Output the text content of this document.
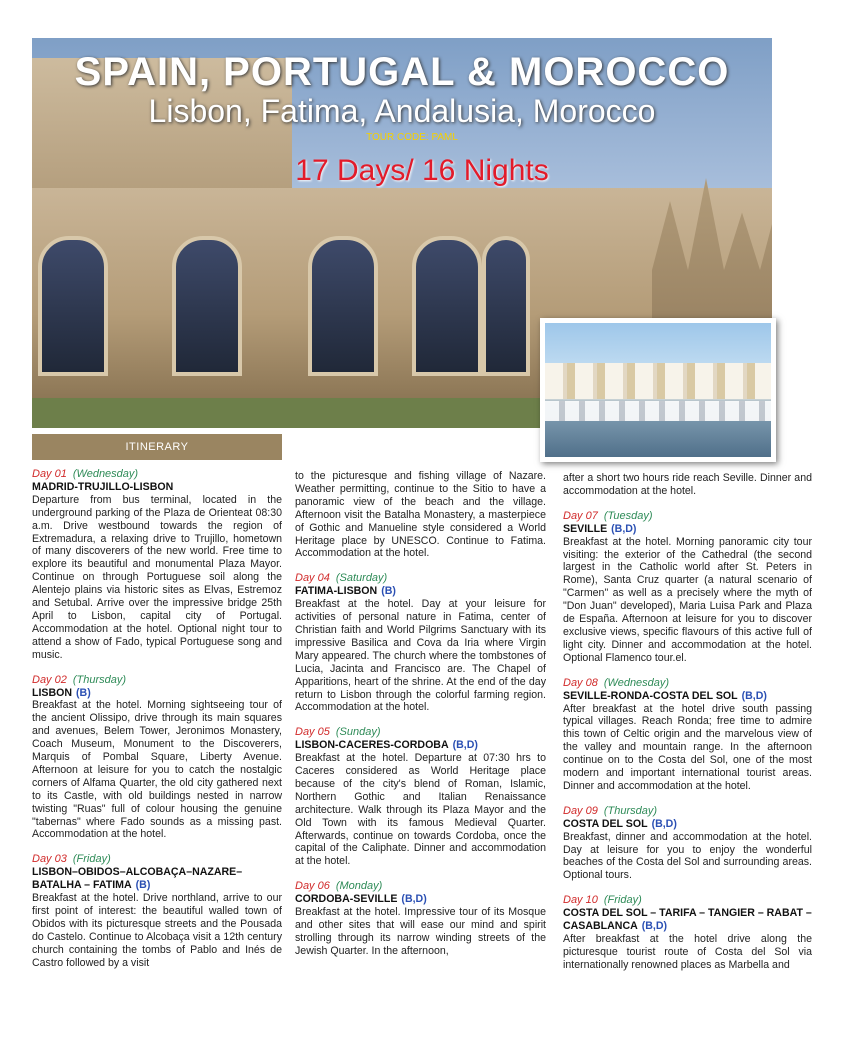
SPAIN, PORTUGAL & MOROCCO
Lisbon, Fatima, Andalusia, Morocco
TOUR CODE: PAML
17 Days/ 16 Nights
ITINERARY
Day 01 (Wednesday)
MADRID-TRUJILLO-LISBON

Departure from bus terminal, located in the underground parking of the Plaza de Orienteat 08:30 a.m. Drive westbound towards the region of Extremadura, a relaxing drive to Trujillo, hometown of many discoverers of the new world. Free time to explore its beautiful and monumental Plaza Mayor. Continue on through Portuguese soil along the Alentejo plains via historic sites as Elvas, Estremoz and Setubal. Arrive over the impressive bridge 25th April to Lisbon, capital city of Portugal. Accommodation at the hotel. Optional night tour to attend a show of Fado, typical Portuguese song and music.

Day 02 (Thursday)
LISBON (B)

Breakfast at the hotel. Morning sightseeing tour of the ancient Olissipo, drive through its main squares and avenues, Belem Tower, Jeronimos Monastery, Coach Museum, Monument to the Discoverers, Marquis of Pombal Square, Liberty Avenue. Afternoon at leisure for you to catch the nostalgic corners of Alfama Quarter, the old city gathered next to its Castle, with old buildings nested in narrow twisting "Ruas" full of colour housing the genuine "tabernas" where Fado sounds as a missing past. Accommodation at the hotel.

Day 03 (Friday)
LISBON–OBIDOS–ALCOBAÇA–NAZARE–BATALHA – FATIMA (B)

Breakfast at the hotel. Drive northland, arrive to our first point of interest: the beautiful walled town of Obidos with its picturesque streets and the Pousada do Castelo. Continue to Alcobaça visit a 12th century church containing the tombs of Pablo and Inés de Castro followed by a visit

to the picturesque and fishing village of Nazare. Weather permitting, continue to the Sitio to have a panoramic view of the beach and the village. Afternoon visit the Batalha Monastery, a masterpiece of Gothic and Manueline style considered a World Heritage place by UNESCO. Continue to Fatima. Accommodation at the hotel.

Day 04 (Saturday)
FATIMA-LISBON (B)

Breakfast at the hotel. Day at your leisure for activities of personal nature in Fatima, center of Christian faith and World Pilgrims Sanctuary with its impressive Basilica and Cova da Iria where Virgin Mary appeared. The church where the tombstones of Lucia, Jacinta and Francisco are. The Chapel of Apparitions, heart of the shrine. At the end of the day return to Lisbon through the colorful farming region. Accommodation at the hotel.

Day 05 (Sunday)
LISBON-CACERES-CORDOBA (B,D)

Breakfast at the hotel. Departure at 07:30 hrs to Caceres considered as World Heritage place because of the city's blend of Roman, Islamic, Northern Gothic and Italian Renaissance architecture. Walk through its Plaza Mayor and the Old Town with its famous Medieval Quarter. Afterwards, continue on towards Cordoba, once the capital of the Caliphate. Dinner and accommodation at the hotel.

Day 06 (Monday)
CORDOBA-SEVILLE (B,D)

Breakfast at the hotel. Impressive tour of its Mosque and other sites that will ease our mind and spirit strolling through its narrow winding streets of the Jewish Quarter. In the afternoon,

after a short two hours ride reach Seville. Dinner and accommodation at the hotel.

Day 07 (Tuesday)
SEVILLE (B,D)

Breakfast at the hotel. Morning panoramic city tour visiting: the exterior of the Cathedral (the second largest in the Catholic world after St. Peters in Rome), Santa Cruz quarter (a natural scenario of "Carmen" as well as a precisely where the myth of "Don Juan" developed), Maria Luisa Park and Plaza de España. Afternoon at leisure for you to discover exclusive views, specific flavours of this active full of light city. Dinner and accommodation at the hotel. Optional Flamenco tour.el.

Day 08 (Wednesday)
SEVILLE-RONDA-COSTA DEL SOL (B,D)

After breakfast at the hotel drive south passing typical villages. Reach Ronda; free time to admire this town of Celtic origin and the marvelous view of the valley and mountain range. In the afternoon continue on to the Costa del Sol, one of the most modern and important international tourist areas. Dinner and accommodation at the hotel.

Day 09 (Thursday)
COSTA DEL SOL (B,D)

Breakfast, dinner and accommodation at the hotel. Day at leisure for you to enjoy the wonderful beaches of the Costa del Sol and surrounding areas. Optional tours.

Day 10 (Friday)
COSTA DEL SOL – TARIFA – TANGIER – RABAT – CASABLANCA (B,D)

After breakfast at the hotel drive along the picturesque tourist route of Costa del Sol via internationally renowned places as Marbella and
